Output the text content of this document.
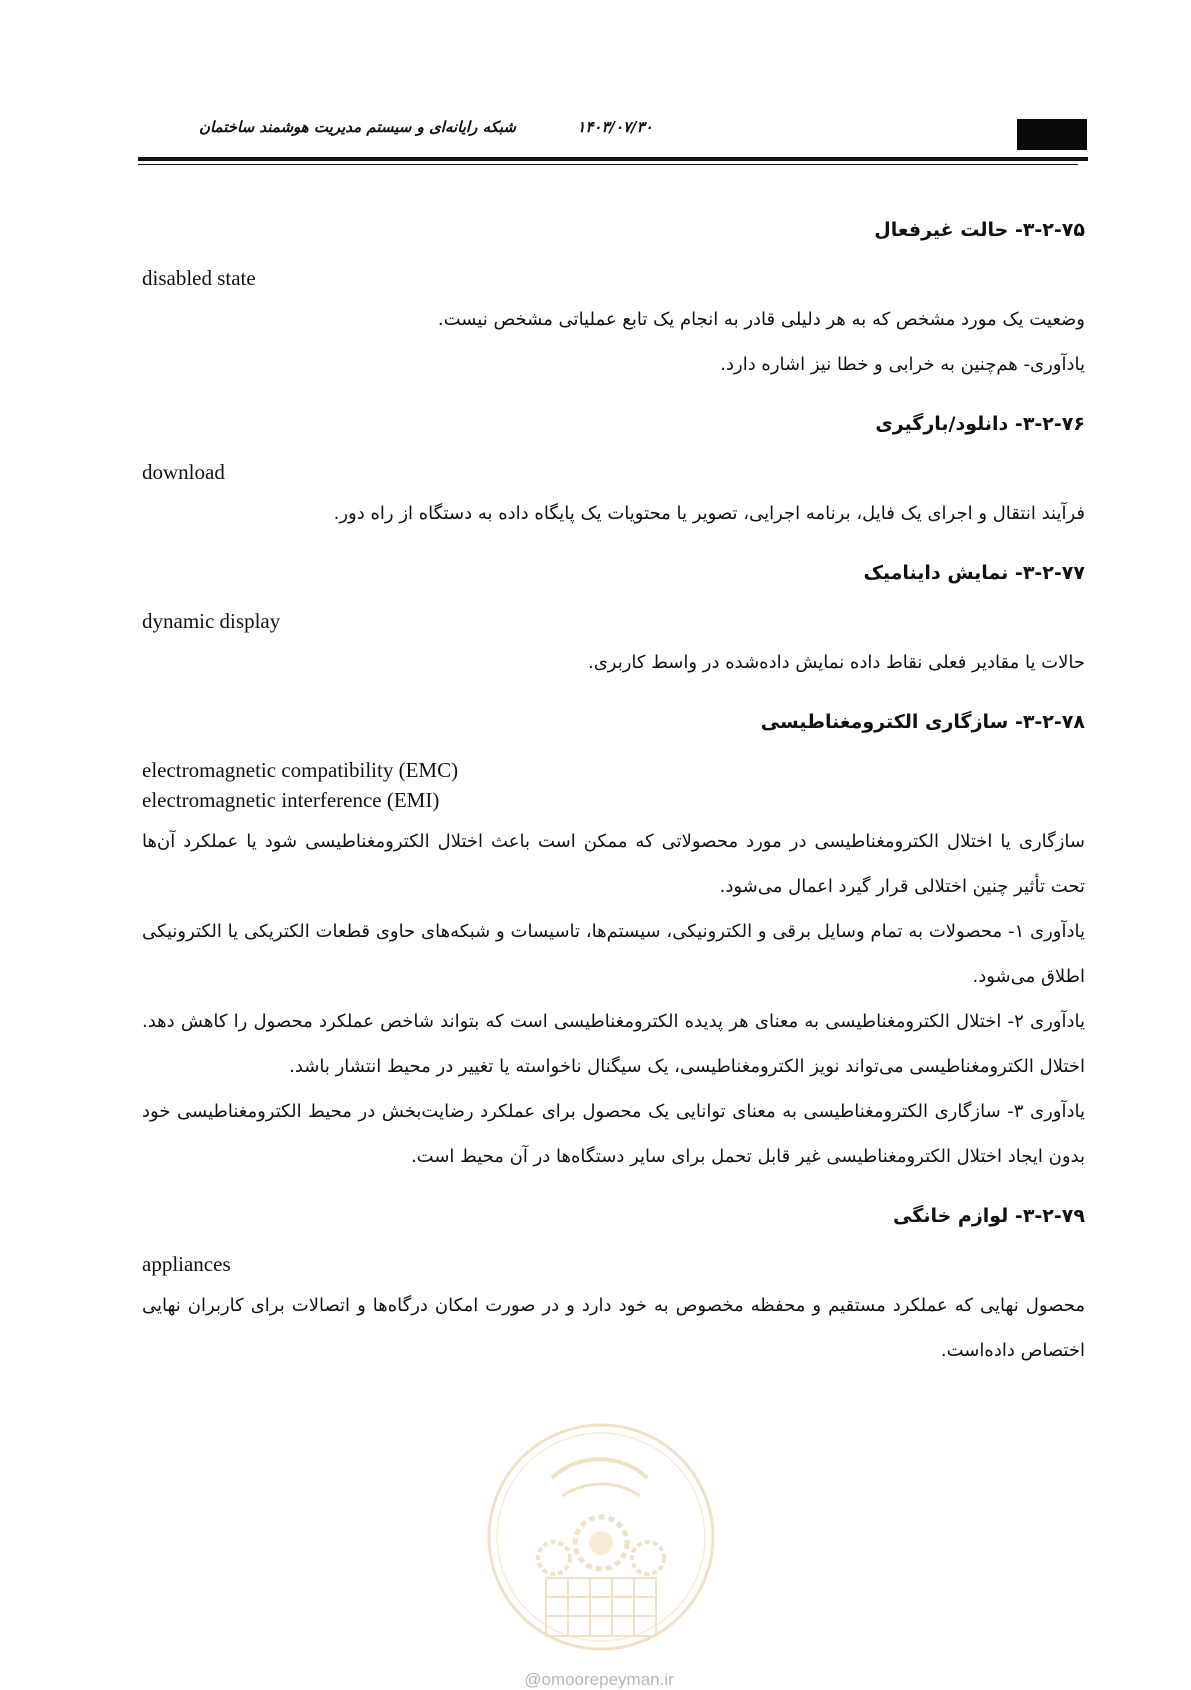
شبکه رایانه‌ای و سیستم مدیریت هوشمند ساختمان	۱۴۰۳/۰۷/۳۰
۳-۲-۷۵- حالت غیرفعال

disabled state

وضعیت یک مورد مشخص که به هر دلیلی قادر به انجام یک تابع عملیاتی مشخص نیست.

یادآوری- هم‌چنین به خرابی و خطا نیز اشاره دارد.

۳-۲-۷۶- دانلود/بارگیری

download

فرآیند انتقال و اجرای یک فایل، برنامه اجرایی، تصویر یا محتویات یک پایگاه داده به دستگاه از راه دور.

۳-۲-۷۷- نمایش داینامیک

dynamic display

حالات یا مقادیر فعلی نقاط داده نمایش داده‌شده در واسط کاربری.

۳-۲-۷۸- سازگاری الکترومغناطیسی

electromagnetic compatibility (EMC)

electromagnetic interference (EMI)

سازگاری یا اختلال الکترومغناطیسی در مورد محصولاتی که ممکن است باعث اختلال الکترومغناطیسی شود یا عملکرد آن‌ها تحت تأثیر چنین اختلالی قرار گیرد اعمال می‌شود.

یادآوری ۱- محصولات به تمام وسایل برقی و الکترونیکی، سیستم‌ها، تاسیسات و شبکه‌های حاوی قطعات الکتریکی یا الکترونیکی اطلاق می‌شود.

یادآوری ۲- اختلال الکترومغناطیسی به معنای هر پدیده الکترومغناطیسی است که بتواند شاخص عملکرد محصول را کاهش دهد. اختلال الکترومغناطیسی می‌تواند نویز الکترومغناطیسی، یک سیگنال ناخواسته یا تغییر در محیط انتشار باشد.

یادآوری ۳- سازگاری الکترومغناطیسی به معنای توانایی یک محصول برای عملکرد رضایت‌بخش در محیط الکترومغناطیسی خود بدون ایجاد اختلال الکترومغناطیسی غیر قابل تحمل برای سایر دستگاه‌ها در آن محیط است.

۳-۲-۷۹- لوازم خانگی

appliances

محصول نهایی که عملکرد مستقیم و محفظه مخصوص به خود دارد و در صورت امکان درگاه‌ها و اتصالات برای کاربران نهایی اختصاص داده‌است.

@omoorepeyman.ir
